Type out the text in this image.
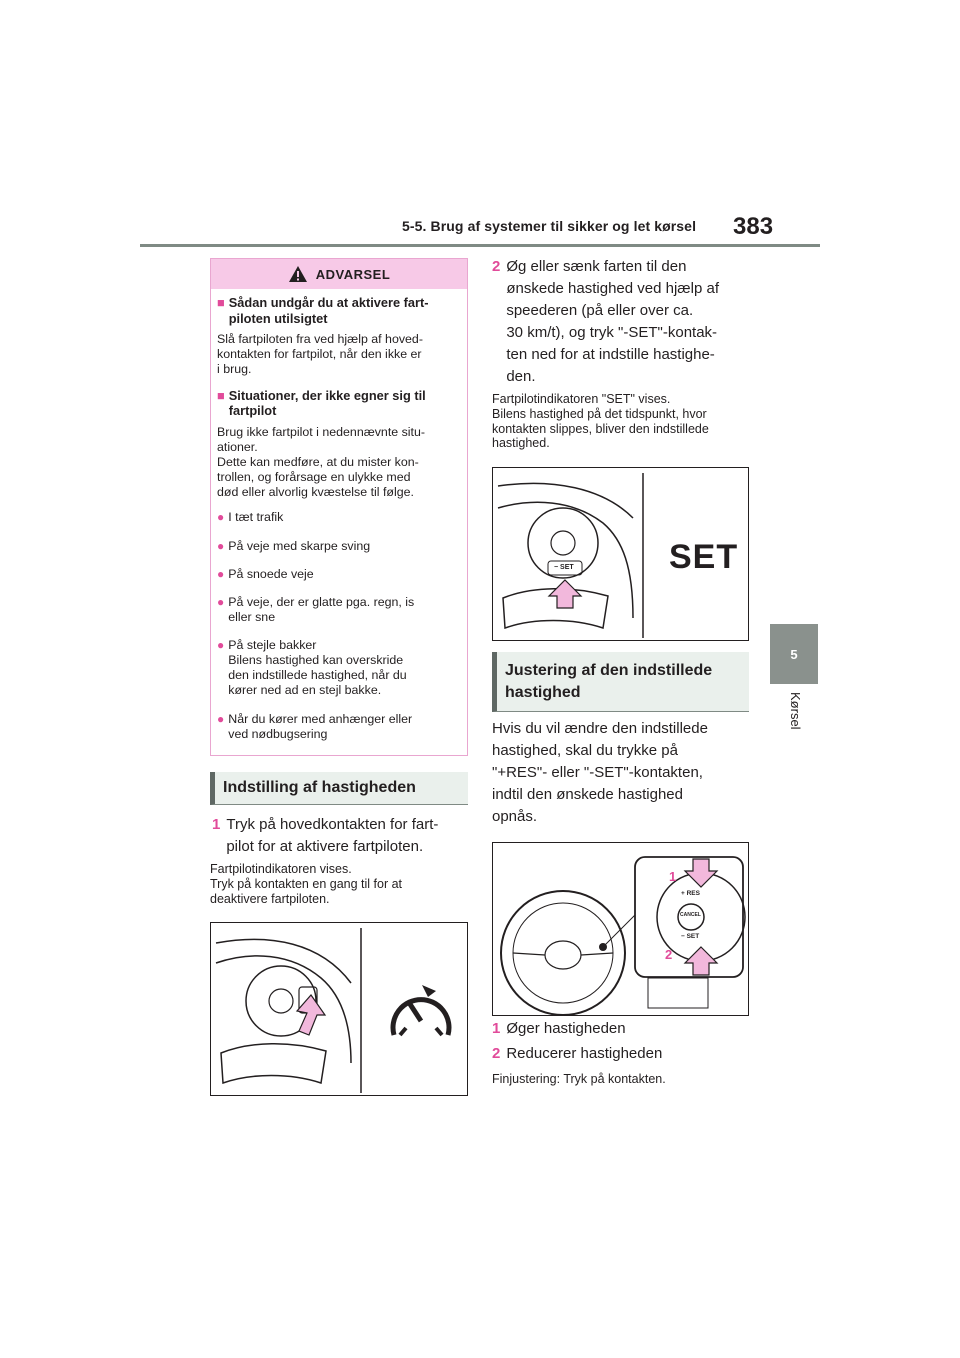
5-5. Brug af systemer til sikker og let kørsel 383
5
Kørsel
ADVARSEL
■ Sådan undgår du at aktivere fart-
piloten utilsigtet

Slå fartpiloten fra ved hjælp af hoved-
kontakten for fartpilot, når den ikke er
i brug.

■ Situationer, der ikke egner sig til
fartpilot

Brug ikke fartpilot i nedennævnte situ-
ationer.
Dette kan medføre, at du mister kon-
trollen, og forårsage en ulykke med
død eller alvorlig kvæstelse til følge.

● I tæt trafik
● På veje med skarpe sving
● På snoede veje
● På veje, der er glatte pga. regn, is
eller sne
● På stejle bakker
Bilens hastighed kan overskride
den indstillede hastighed, når du
kører ned ad en stejl bakke.
● Når du kører med anhænger eller
ved nødbugsering
Indstilling af hastigheden
1 Tryk på hovedkontakten for fart-
pilot for at aktivere fartpiloten.
Fartpilotindikatoren vises.
Tryk på kontakten en gang til for at
deaktivere fartpiloten.
2 Øg eller sænk farten til den
ønskede hastighed ved hjælp af
speederen (på eller over ca.
30 km/t), og tryk "-SET"-kontak-
ten ned for at indstille hastighe-
den.
Fartpilotindikatoren "SET" vises.
Bilens hastighed på det tidspunkt, hvor
kontakten slippes, bliver den indstillede
hastighed.
− SET	SET
Justering af den indstillede
hastighed
Hvis du vil ændre den indstillede
hastighed, skal du trykke på
"+RES"- eller "-SET"-kontakten,
indtil den ønskede hastighed
opnås.
1
2
+ RES
CANCEL
− SET
1 Øger hastigheden
2 Reducerer hastigheden
Finjustering: Tryk på kontakten.
